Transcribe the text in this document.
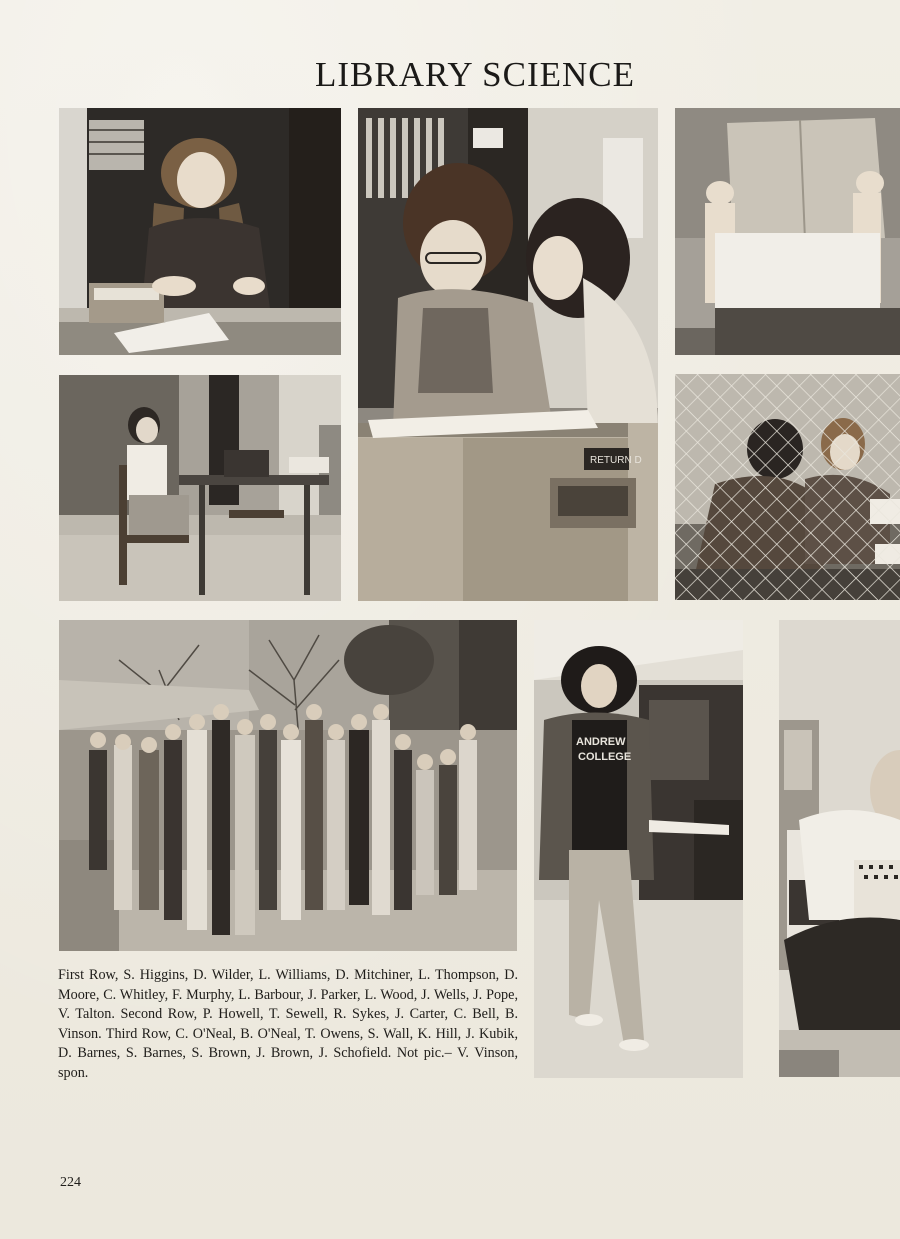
LIBRARY SCIENCE
RETURN D
ANDREW
COLLEGE

First Row, S. Higgins, D. Wilder, L. Williams, D. Mitchiner, L. Thompson, D. Moore, C. Whitley, F. Murphy, L. Barbour, J. Parker, L. Wood, J. Wells, J. Pope, V. Talton. Second Row, P. Howell, T. Sewell, R. Sykes, J. Carter, C. Bell, B. Vinson. Third Row, C. O'Neal, B. O'Neal, T. Owens, S. Wall, K. Hill, J. Kubik, D. Barnes, S. Barnes, S. Brown, J. Brown, J. Schofield. Not pic.– V. Vinson, spon.

224
